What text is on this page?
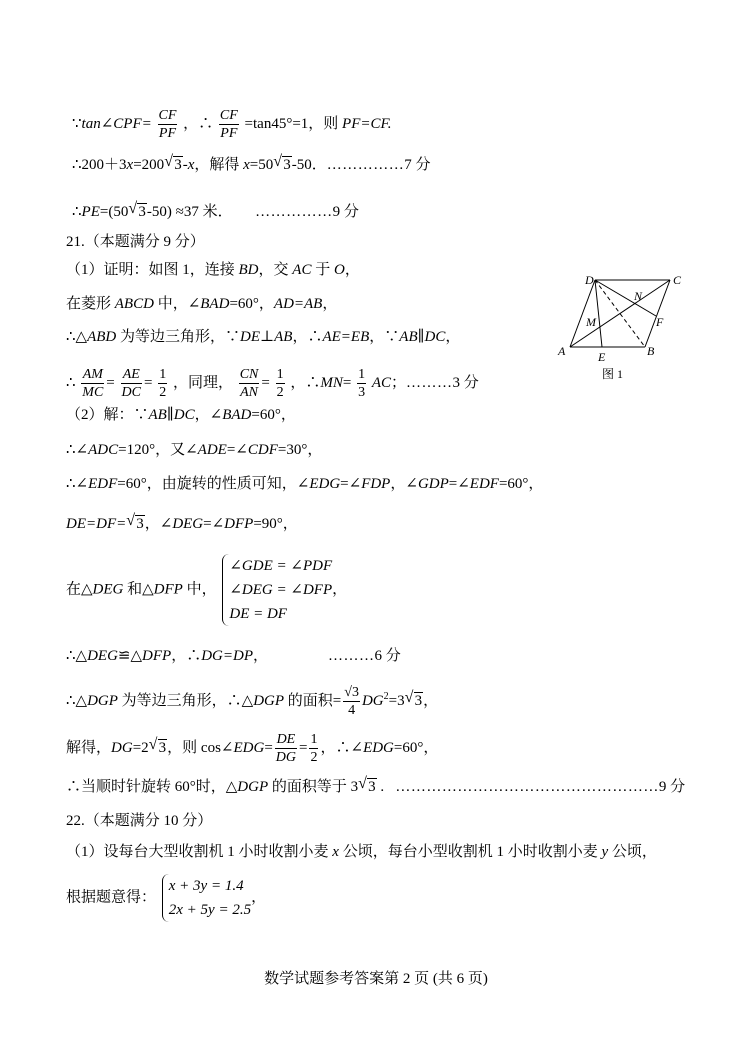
∵tan∠CPF= $\frac{CF}{PF}$ ，∴ $\frac{CF}{PF} =\tan 45^\circ=1$，则 PF=CF.
∴200＋3x=200√ 3-x，解得 x=50√ 3-50．……………7 分
∴PE=(50√ 3-50) ≈37 米． ……………9 分
21.（本题满分 9 分）
（1）证明：如图 1，连接 BD，交 AC 于 O，
在菱形 ABCD 中，∠BAD=60°，AD=AB，
∴△ABD 为等边三角形，∵DE⊥AB，∴AE=EB，∵AB∥DC，
∴ $\frac{AM}{MC} = \frac{AE}{DC} = \frac{1}{2}$ ，同理， $\frac{CN}{AN} = \frac{1}{2}$ ，∴MN= $\frac{1}{3}$ AC；………3 分
（2）解：∵AB∥DC，∠BAD=60°，
∴∠ADC=120°，又∠ADE=∠CDF=30°，
∴∠EDF=60°，由旋转的性质可知，∠EDG=∠FDP，∠GDP=∠EDF=60°，
DE=DF=√ 3，∠DEG=∠DFP=90°，
在△DEG 和△DFP 中，
∠GDE = ∠PDF
∠DEG = ∠DFP
DE = DF
，
∴△DEG≌△DFP，∴DG=DP，	………6 分
∴△DGP 为等边三角形，∴△DGP 的面积= $\frac{√3}{4} DG^2=3√$ 3，
解得，DG=2√ 3，则 cos∠EDG= $\frac{DE}{DG} = \frac{1}{2}$ ，∴∠EDG=60°，
∴当顺时针旋转 60°时，△DGP 的面积等于 3√ 3 . ……………………………………………9 分
22.（本题满分 10 分）
（1）设每台大型收割机 1 小时收割小麦 x 公顷，每台小型收割机 1 小时收割小麦 y 公顷，
根据题意得：
x + 3y = 1.4
2x + 5y = 2.5
，
D	C
N
M	F
A	E	B
图 1
数学试题参考答案第 2 页 (共 6 页)
